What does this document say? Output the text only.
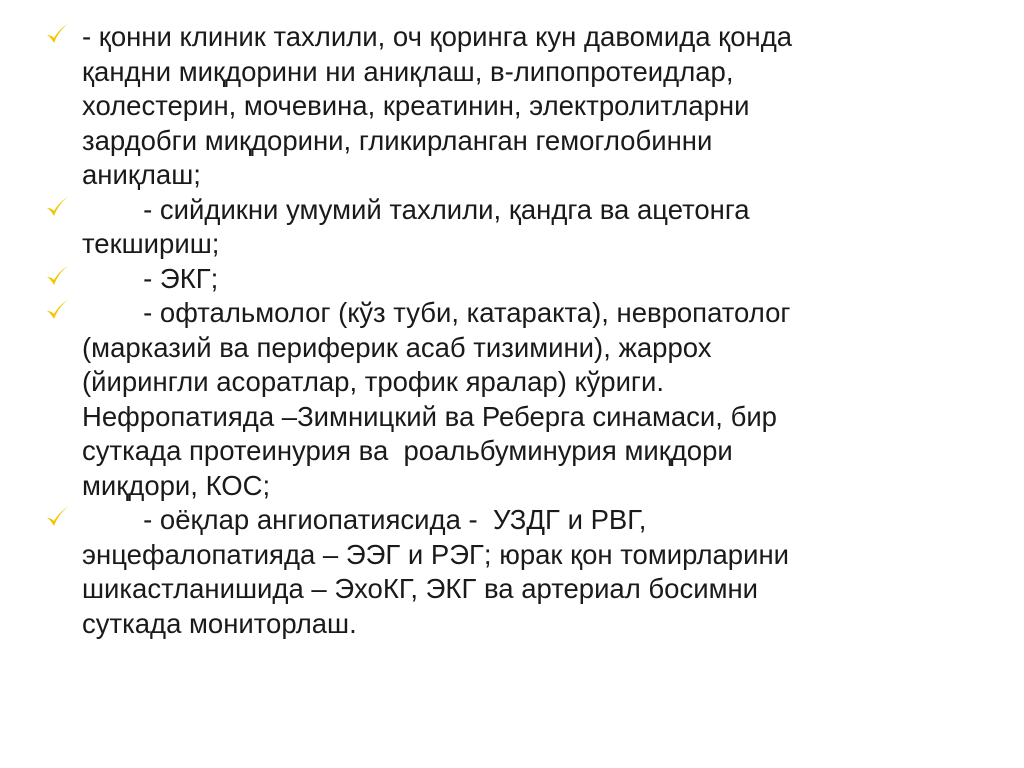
- қонни клиник тахлили, оч қоринга кун давомида қонда
қандни миқдорини ни аниқлаш, в-липопротеидлар,
холестерин, мочевина, креатинин, электролитларни
зардобги миқдорини, гликирланган гемоглобинни
аниқлаш;
- сийдикни умумий тахлили, қандга ва ацетонга
текшириш;
- ЭКГ;
- офтальмолог (кўз туби, катаракта), невропатолог
(марказий ва периферик асаб тизимини), жаррох
(йирингли асоратлар, трофик яралар) кўриги.
Нефропатияда –Зимницкий ва Реберга синамаси, бир
суткада протеинурия ва  роальбуминурия миқдори
миқдори, КОС;
- оёқлар ангиопатиясида -  УЗДГ и РВГ,
энцефалопатияда – ЭЭГ и РЭГ; юрак қон томирларини
шикастланишида – ЭхоКГ, ЭКГ ва артериал босимни
суткада мониторлаш.
